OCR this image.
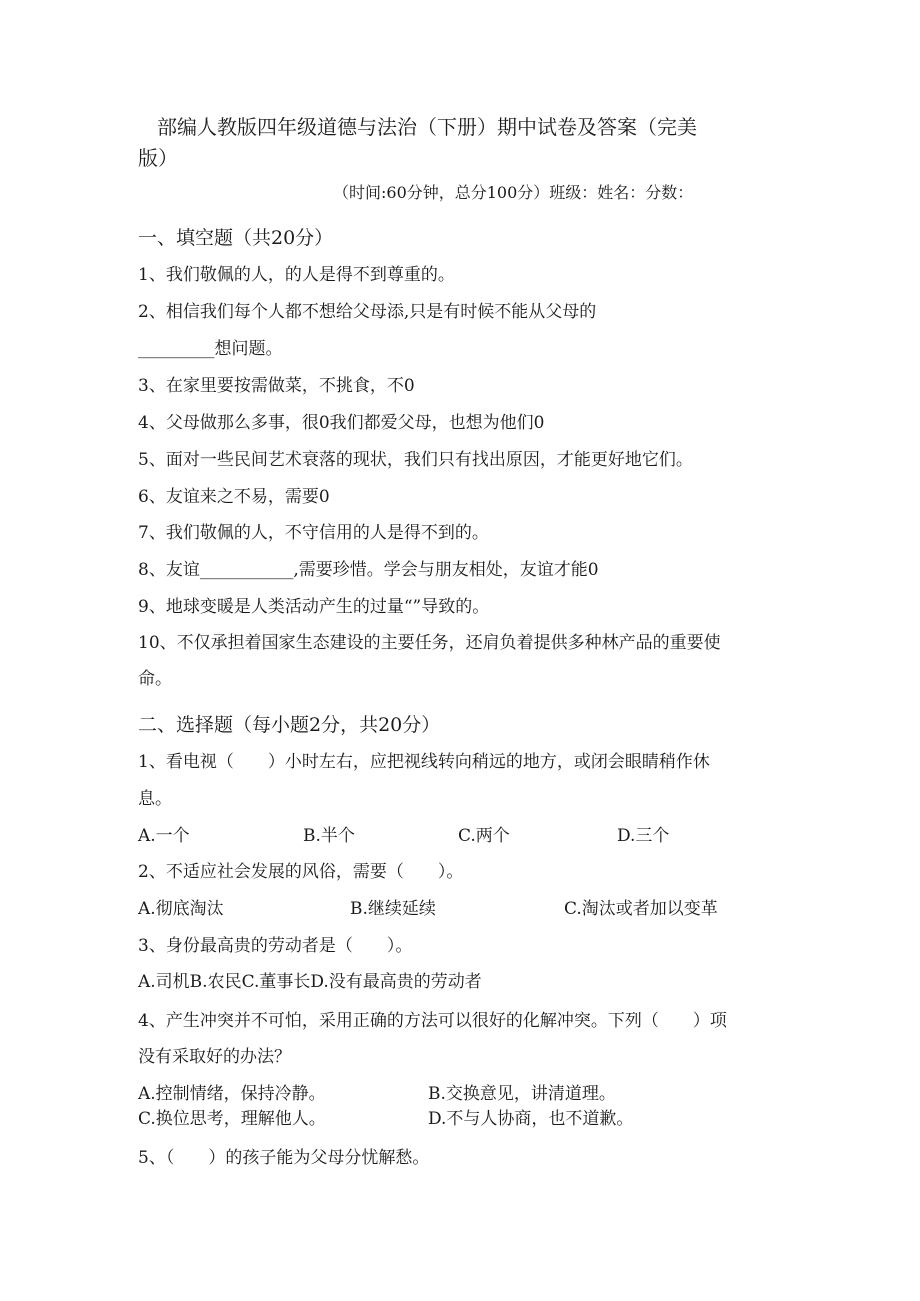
部编人教版四年级道德与法治（下册）期中试卷及答案（完美
版）
（时间:60分钟，总分100分）班级：姓名：分数：
一、填空题（共20分）
1、我们敬佩的人，的人是得不到尊重的。
2、相信我们每个人都不想给父母添,只是有时候不能从父母的
_________想问题。
3、在家里要按需做菜，不挑食，不0
4、父母做那么多事，很0我们都爱父母，也想为他们0
5、面对一些民间艺术衰落的现状，我们只有找出原因，才能更好地它们。
6、友谊来之不易，需要0
7、我们敬佩的人，不守信用的人是得不到的。
8、友谊___________,需要珍惜。学会与朋友相处，友谊才能0
9、地球变暖是人类活动产生的过量“”导致的。
10、不仅承担着国家生态建设的主要任务，还肩负着提供多种林产品的重要使
命。
二、选择题（每小题2分，共20分）
1、看电视（　　）小时左右，应把视线转向稍远的地方，或闭会眼睛稍作休
息。
A.一个	B.半个	C.两个	D.三个
2、不适应社会发展的风俗，需要（　　）。
A.彻底淘汰	B.继续延续	C.淘汰或者加以变革
3、身份最高贵的劳动者是（　　）。
A.司机B.农民C.董事长D.没有最高贵的劳动者
4、产生冲突并不可怕，采用正确的方法可以很好的化解冲突。下列（　　）项
没有采取好的办法？
A.控制情绪，保持冷静。	B.交换意见，讲清道理。
C.换位思考，理解他人。	D.不与人协商，也不道歉。
5、（　　）的孩子能为父母分忧解愁。
